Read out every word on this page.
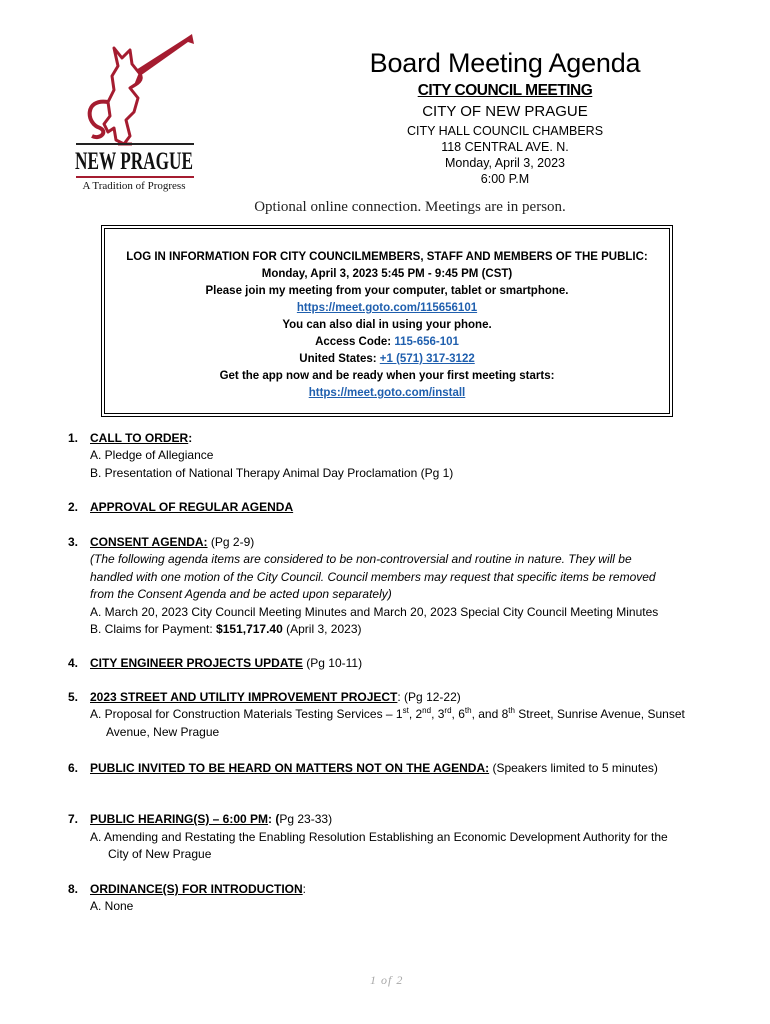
NEW PRAGUE
A Tradition of Progress
Board Meeting Agenda
CITY COUNCIL MEETING
CITY OF NEW PRAGUE
CITY HALL COUNCIL CHAMBERS
118 CENTRAL AVE. N.
Monday, April 3, 2023
6:00 P.M
Optional online connection. Meetings are in person.
LOG IN INFORMATION FOR CITY COUNCILMEMBERS, STAFF AND MEMBERS OF THE PUBLIC:
Monday, April 3, 2023 5:45 PM - 9:45 PM (CST)
Please join my meeting from your computer, tablet or smartphone.
https://meet.goto.com/115656101
You can also dial in using your phone.
Access Code: 115-656-101
United States: +1 (571) 317-3122
Get the app now and be ready when your first meeting starts:
https://meet.goto.com/install
1. CALL TO ORDER:
A. Pledge of Allegiance
B. Presentation of National Therapy Animal Day Proclamation (Pg 1)
2. APPROVAL OF REGULAR AGENDA
3. CONSENT AGENDA: (Pg 2-9)
(The following agenda items are considered to be non-controversial and routine in nature. They will be
handled with one motion of the City Council. Council members may request that specific items be removed
from the Consent Agenda and be acted upon separately)
A. March 20, 2023 City Council Meeting Minutes and March 20, 2023 Special City Council Meeting Minutes
B. Claims for Payment: $151,717.40 (April 3, 2023)
4. CITY ENGINEER PROJECTS UPDATE (Pg 10-11)
5. 2023 STREET AND UTILITY IMPROVEMENT PROJECT: (Pg 12-22)
A. Proposal for Construction Materials Testing Services – 1st, 2nd, 3rd, 6th, and 8th Street, Sunrise Avenue, Sunset
Avenue, New Prague
6. PUBLIC INVITED TO BE HEARD ON MATTERS NOT ON THE AGENDA: (Speakers limited to 5 minutes)
7. PUBLIC HEARING(S) – 6:00 PM: (Pg 23-33)
A. Amending and Restating the Enabling Resolution Establishing an Economic Development Authority for the
City of New Prague
8. ORDINANCE(S) FOR INTRODUCTION:
A. None
1 of 2
